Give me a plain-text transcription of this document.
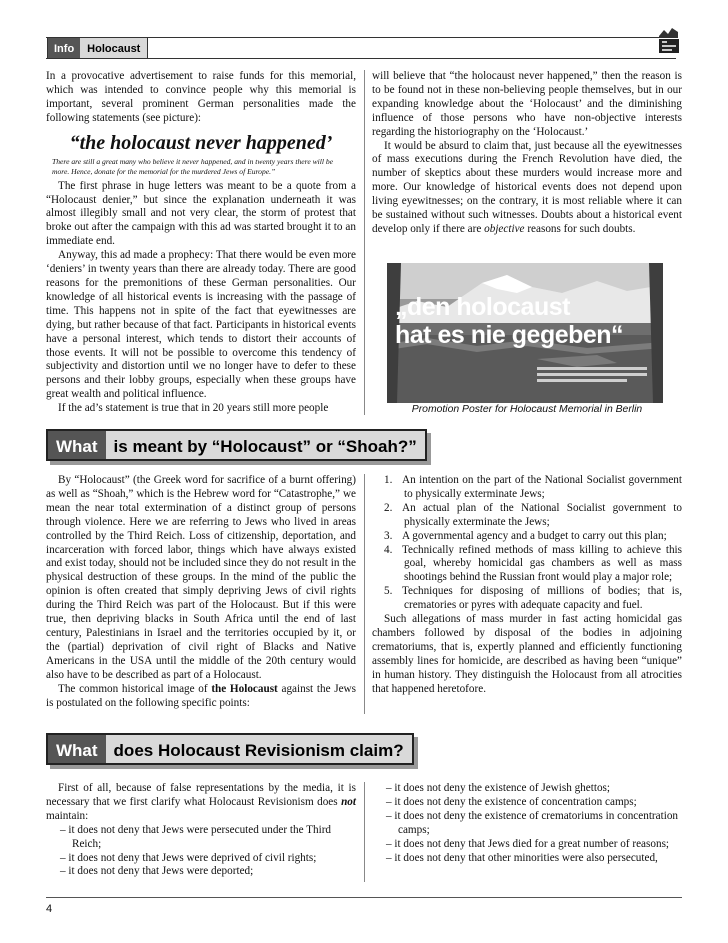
Info	Holocaust

In a provocative advertisement to raise funds for this memorial, which was intended to convince people why this memorial is important, several prominent German personalities made the following statements (see picture):

“the holocaust never happened’

There are still a great many who believe it never happened, and in twenty years there will be more. Hence, donate for the memorial for the murdered Jews of Europe.”

The first phrase in huge letters was meant to be a quote from a “Holocaust denier,” but since the explanation underneath it was almost illegibly small and not very clear, the storm of protest that broke out after the campaign with this ad was started brought it to an immediate end.

Anyway, this ad made a prophecy: That there would be even more ‘deniers’ in twenty years than there are already today. There are good reasons for the premonitions of these German personalities. Our knowledge of all historical events is increasing with the passage of time. This happens not in spite of the fact that eyewitnesses are dying, but rather because of that fact. Participants in historical events have a personal interest, which tends to distort their accounts of those events. It will not be possible to overcome this tendency of subjectivity and distortion until we no longer have to defer to these persons and their lobby groups, especially when these groups have great wealth and political influence.

If the ad’s statement is true that in 20 years still more people

will believe that “the holocaust never happened,” then the reason is to be found not in these non-believing people themselves, but in our expanding knowledge about the ‘Holocaust’ and the diminishing influence of those persons who have non-objective interests regarding the historiography on the ‘Holocaust.’

It would be absurd to claim that, just because all the eyewitnesses of mass executions during the French Revolution have died, the number of skeptics about these murders would increase more and more. Our knowledge of historical events does not depend upon living eyewitnesses; on the contrary, it is most reliable where it can be sustained without such witnesses. Doubts about a historical event develop only if there are objective reasons for such doubts.

„den holocaust
hat es nie gegeben“
Promotion Poster for Holocaust Memorial in Berlin
What is meant by “Holocaust” or “Shoah?”

By “Holocaust” (the Greek word for sacrifice of a burnt offering) as well as “Shoah,” which is the Hebrew word for “Catastrophe,” we mean the near total extermination of a distinct group of persons through violence. Here we are referring to Jews who lived in areas controlled by the Third Reich. Loss of citizenship, deportation, and incarceration with forced labor, things which have always existed and exist today, should not be included since they do not result in the physical destruction of these groups. In the mind of the public the opinion is often created that simply depriving Jews of civil rights during the Third Reich was part of the Holocaust. But if this were true, then depriving blacks in South Africa until the end of last century, Palestinians in Israel and the territories occupied by it, or the (partial) deprivation of civil right of Blacks and Native Americans in the USA until the middle of the 20th century would also have to be described as part of a Holocaust.

The common historical image of the Holocaust against the Jews is postulated on the following specific points:

1. An intention on the part of the National Socialist government to physically exterminate Jews;
2. An actual plan of the National Socialist government to physically exterminate the Jews;
3. A governmental agency and a budget to carry out this plan;
4. Technically refined methods of mass killing to achieve this goal, whereby homicidal gas chambers as well as mass shootings behind the Russian front would play a major role;
5. Techniques for disposing of millions of bodies; that is, crematories or pyres with adequate capacity and fuel.

Such allegations of mass murder in fast acting homicidal gas chambers followed by disposal of the bodies in adjoining crematoriums, that is, expertly planned and efficiently functioning assembly lines for homicide, are described as having been “unique” in human history. They distinguish the Holocaust from all atrocities that happened heretofore.

What does Holocaust Revisionism claim?

First of all, because of false representations by the media, it is necessary that we first clarify what Holocaust Revisionism does not maintain:

– it does not deny that Jews were persecuted under the Third Reich;
– it does not deny that Jews were deprived of civil rights;
– it does not deny that Jews were deported;
– it does not deny the existence of Jewish ghettos;
– it does not deny the existence of concentration camps;
– it does not deny the existence of crematoriums in concentration camps;
– it does not deny that Jews died for a great number of reasons;
– it does not deny that other minorities were also persecuted,
4
